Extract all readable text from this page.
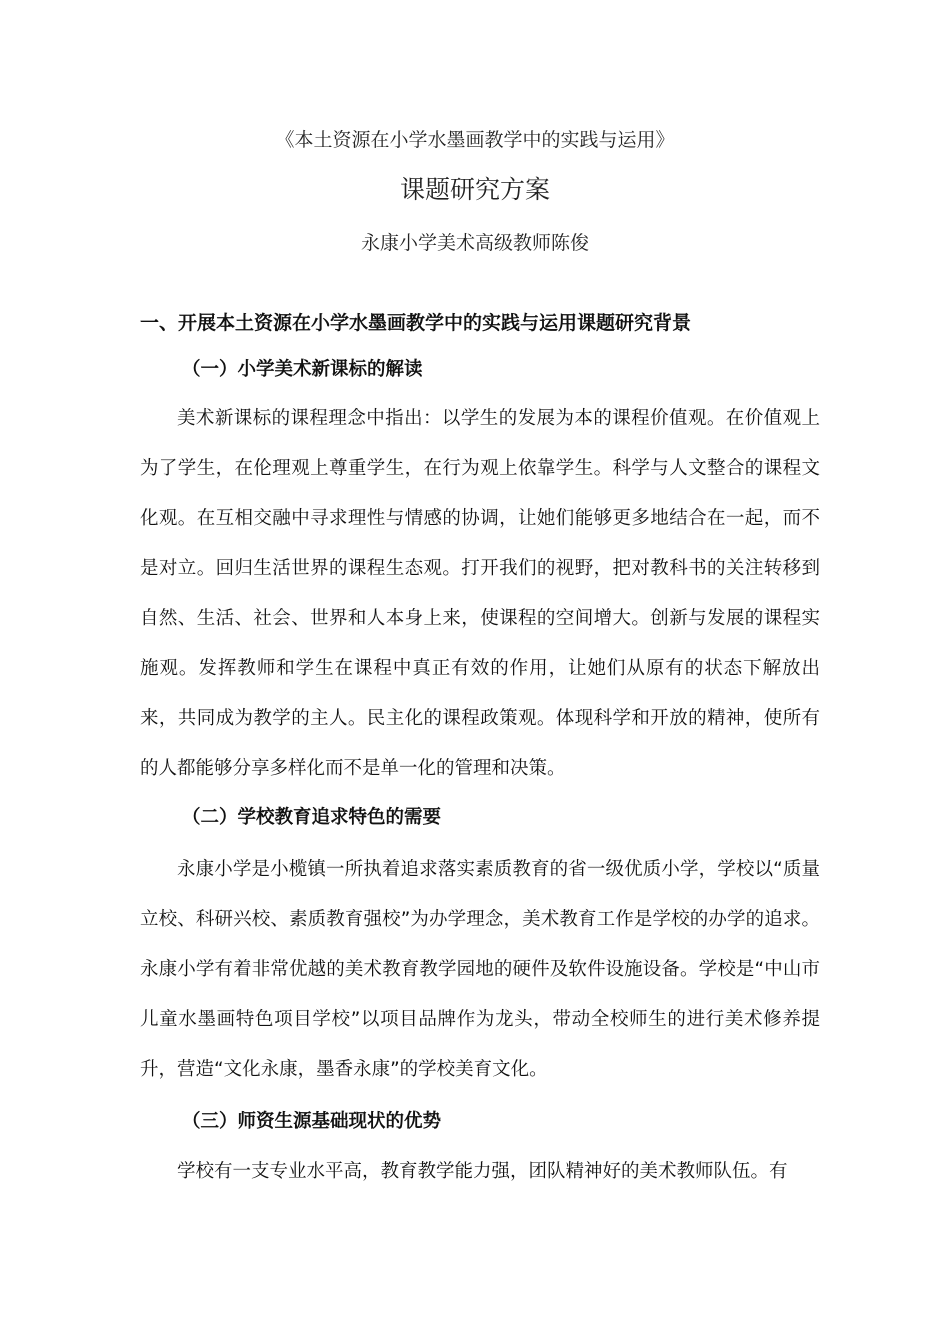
《本土资源在小学水墨画教学中的实践与运用》
课题研究方案

永康小学美术高级教师陈俊

一、开展本土资源在小学水墨画教学中的实践与运用课题研究背景
（一）小学美术新课标的解读

美术新课标的课程理念中指出：以学生的发展为本的课程价值观。在价值观上为了学生，在伦理观上尊重学生，在行为观上依靠学生。科学与人文整合的课程文化观。在互相交融中寻求理性与情感的协调，让她们能够更多地结合在一起，而不是对立。回归生活世界的课程生态观。打开我们的视野，把对教科书的关注转移到自然、生活、社会、世界和人本身上来，使课程的空间增大。创新与发展的课程实施观。发挥教师和学生在课程中真正有效的作用，让她们从原有的状态下解放出来，共同成为教学的主人。民主化的课程政策观。体现科学和开放的精神，使所有的人都能够分享多样化而不是单一化的管理和决策。

（二）学校教育追求特色的需要

永康小学是小榄镇一所执着追求落实素质教育的省一级优质小学，学校以“质量立校、科研兴校、素质教育强校”为办学理念，美术教育工作是学校的办学的追求。永康小学有着非常优越的美术教育教学园地的硬件及软件设施设备。学校是“中山市儿童水墨画特色项目学校”以项目品牌作为龙头，带动全校师生的进行美术修养提升，营造“文化永康，墨香永康”的学校美育文化。

（三）师资生源基础现状的优势

学校有一支专业水平高，教育教学能力强，团队精神好的美术教师队伍。有
